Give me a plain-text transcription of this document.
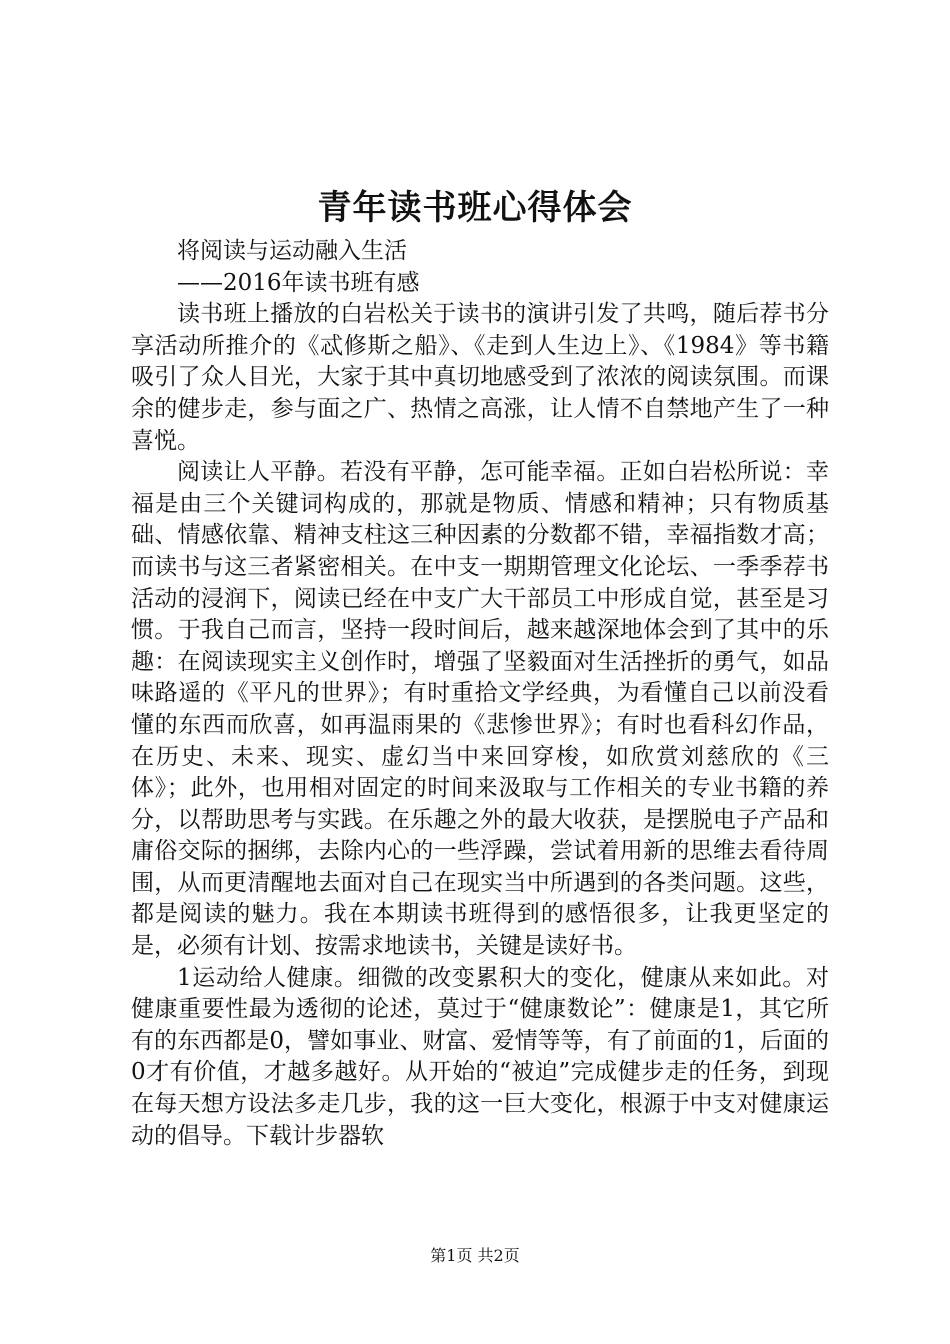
青年读书班心得体会

将阅读与运动融入生活

——2016年读书班有感

读书班上播放的白岩松关于读书的演讲引发了共鸣，随后荐书分享活动所推介的《忒修斯之船》、《走到人生边上》、《1984》等书籍吸引了众人目光，大家于其中真切地感受到了浓浓的阅读氛围。而课余的健步走，参与面之广、热情之高涨，让人情不自禁地产生了一种喜悦。

阅读让人平静。若没有平静，怎可能幸福。正如白岩松所说：幸福是由三个关键词构成的，那就是物质、情感和精神；只有物质基础、情感依靠、精神支柱这三种因素的分数都不错，幸福指数才高；而读书与这三者紧密相关。在中支一期期管理文化论坛、一季季荐书活动的浸润下，阅读已经在中支广大干部员工中形成自觉，甚至是习惯。于我自己而言，坚持一段时间后，越来越深地体会到了其中的乐趣：在阅读现实主义创作时，增强了坚毅面对生活挫折的勇气，如品味路遥的《平凡的世界》；有时重拾文学经典，为看懂自己以前没看懂的东西而欣喜，如再温雨果的《悲惨世界》；有时也看科幻作品，在历史、未来、现实、虚幻当中来回穿梭，如欣赏刘慈欣的《三体》；此外，也用相对固定的时间来汲取与工作相关的专业书籍的养分，以帮助思考与实践。在乐趣之外的最大收获，是摆脱电子产品和庸俗交际的捆绑，去除内心的一些浮躁，尝试着用新的思维去看待周围，从而更清醒地去面对自己在现实当中所遇到的各类问题。这些，都是阅读的魅力。我在本期读书班得到的感悟很多，让我更坚定的是，必须有计划、按需求地读书，关键是读好书。

1运动给人健康。细微的改变累积大的变化，健康从来如此。对健康重要性最为透彻的论述，莫过于“健康数论”：健康是1，其它所有的东西都是0，譬如事业、财富、爱情等等，有了前面的1，后面的0才有价值，才越多越好。从开始的“被迫”完成健步走的任务，到现在每天想方设法多走几步，我的这一巨大变化，根源于中支对健康运动的倡导。下载计步器软

第1页 共2页
